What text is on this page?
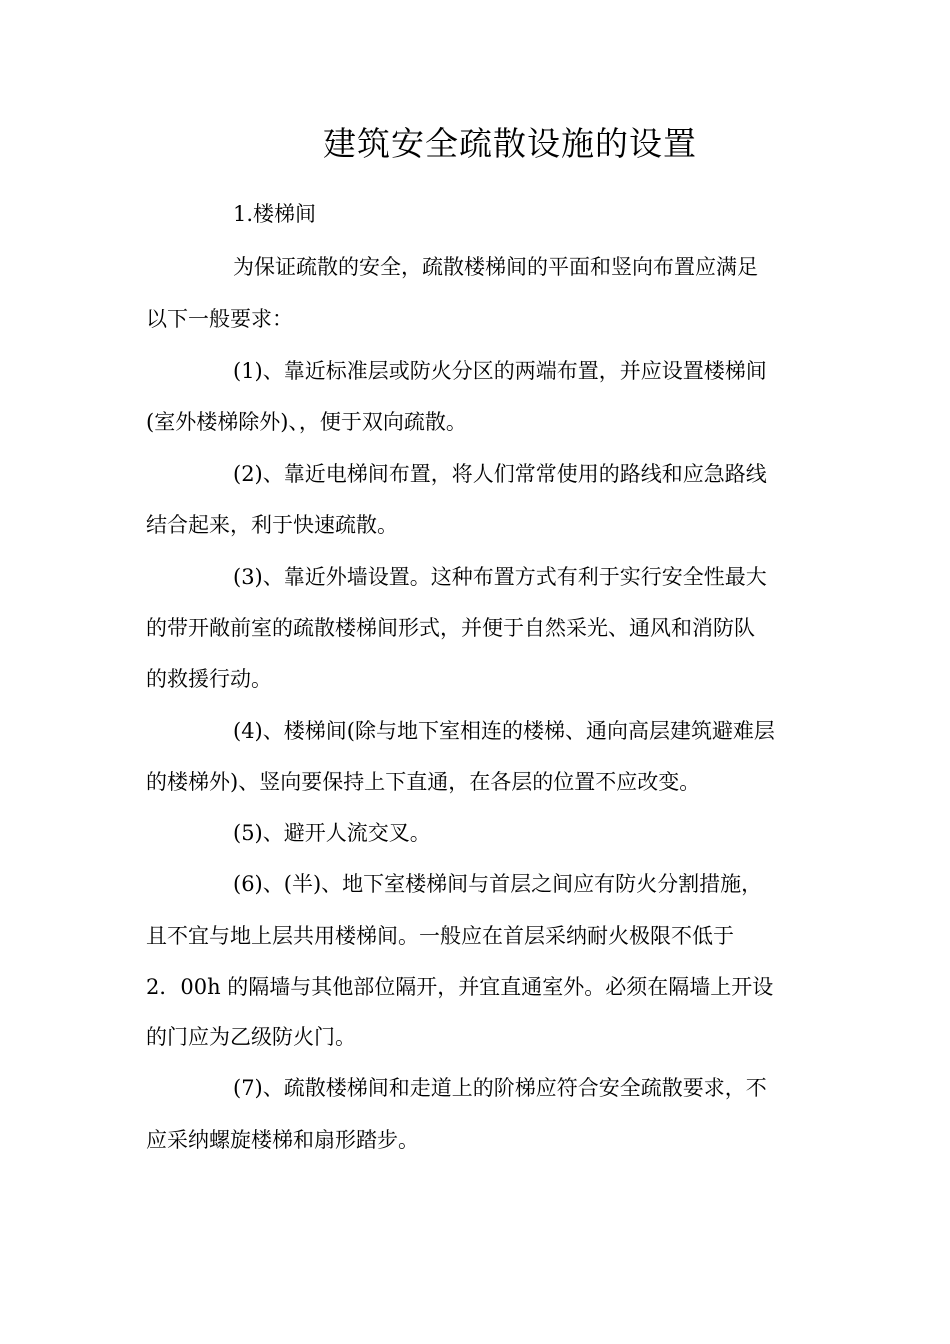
建筑安全疏散设施的设置

1.楼梯间

为保证疏散的安全，疏散楼梯间的平面和竖向布置应满足

以下一般要求：

(1)、靠近标准层或防火分区的两端布置，并应设置楼梯间

(室外楼梯除外)、，便于双向疏散。

(2)、靠近电梯间布置，将人们常常使用的路线和应急路线

结合起来，利于快速疏散。

(3)、靠近外墙设置。这种布置方式有利于实行安全性最大

的带开敞前室的疏散楼梯间形式，并便于自然采光、通风和消防队

的救援行动。

(4)、楼梯间(除与地下室相连的楼梯、通向高层建筑避难层

的楼梯外)、竖向要保持上下直通，在各层的位置不应改变。

(5)、避开人流交叉。

(6)、(半)、地下室楼梯间与首层之间应有防火分割措施，

且不宜与地上层共用楼梯间。一般应在首层采纳耐火极限不低于

2．00h 的隔墙与其他部位隔开，并宜直通室外。必须在隔墙上开设

的门应为乙级防火门。

(7)、疏散楼梯间和走道上的阶梯应符合安全疏散要求，不

应采纳螺旋楼梯和扇形踏步。
